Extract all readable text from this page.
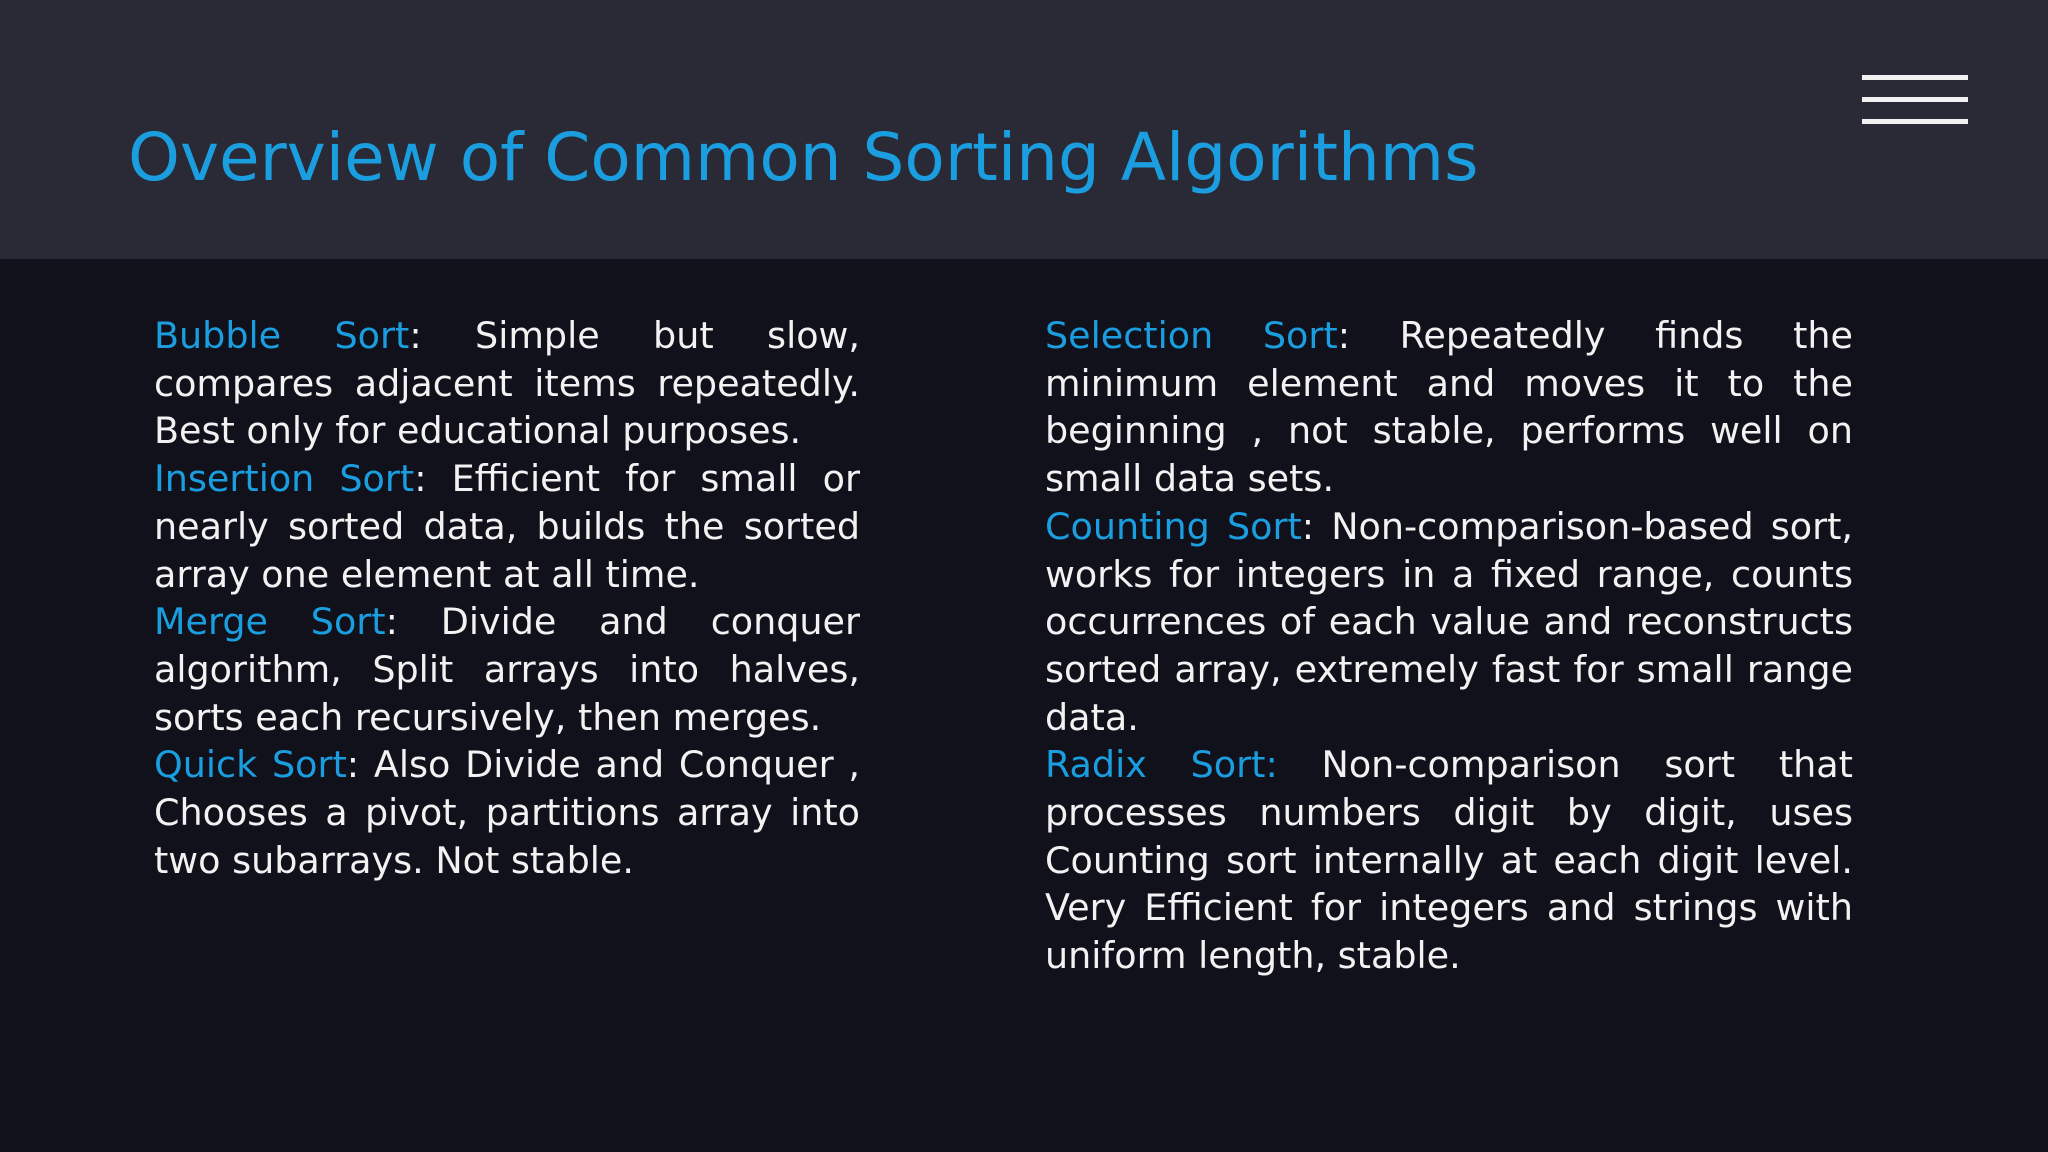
Overview of Common Sorting Algorithms

Bubble Sort: Simple but slow, compares adjacent items repeatedly. Best only for educational purposes.

Insertion Sort: Efficient for small or nearly sorted data, builds the sorted array one element at all time.

Merge Sort: Divide and conquer algorithm, Split arrays into halves, sorts each recursively, then merges.

Quick Sort: Also Divide and Conquer , Chooses a pivot, partitions array into two subarrays. Not stable.

Selection Sort: Repeatedly finds the minimum element and moves it to the beginning , not stable, performs well on small data sets.

Counting Sort: Non-comparison-based sort, works for integers in a fixed range, counts occurrences of each value and reconstructs sorted array, extremely fast for small range data.

Radix Sort: Non-comparison sort that processes numbers digit by digit, uses Counting sort internally at each digit level. Very Efficient for integers and strings with uniform length, stable.
